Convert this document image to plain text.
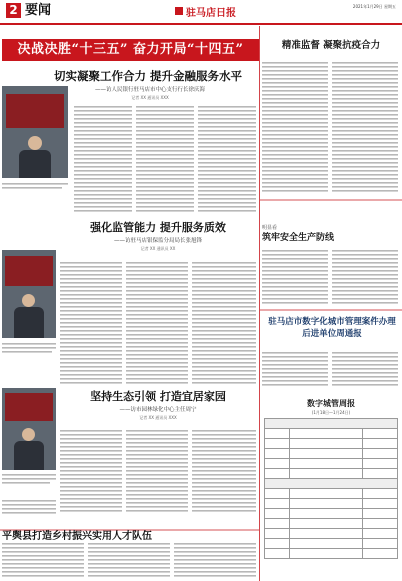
2 要闻	驻马店日报
2021年1月29日 星期五
决战决胜“十三五” 奋力开局“十四五”
切实凝聚工作合力 提升金融服务水平
——访人民银行驻马店市中心支行行长徐庆海
记者 XX 通讯员 XXX
强化监管能力 提升服务质效
——访驻马店银保监分局局长张旭锋
记者 XX 通讯员 XX
坚持生态引领 打造宜居家园
——访市园林绿化中心主任周宁
记者 XX 通讯员 XXX
平舆县打造乡村振兴实用人才队伍
精准监督 凝聚抗疫合力
明显看
筑牢安全生产防线
驻马店市数字化城市管理案件办理后进单位周通报
数字城管周报
(1月18日—1月24日)
